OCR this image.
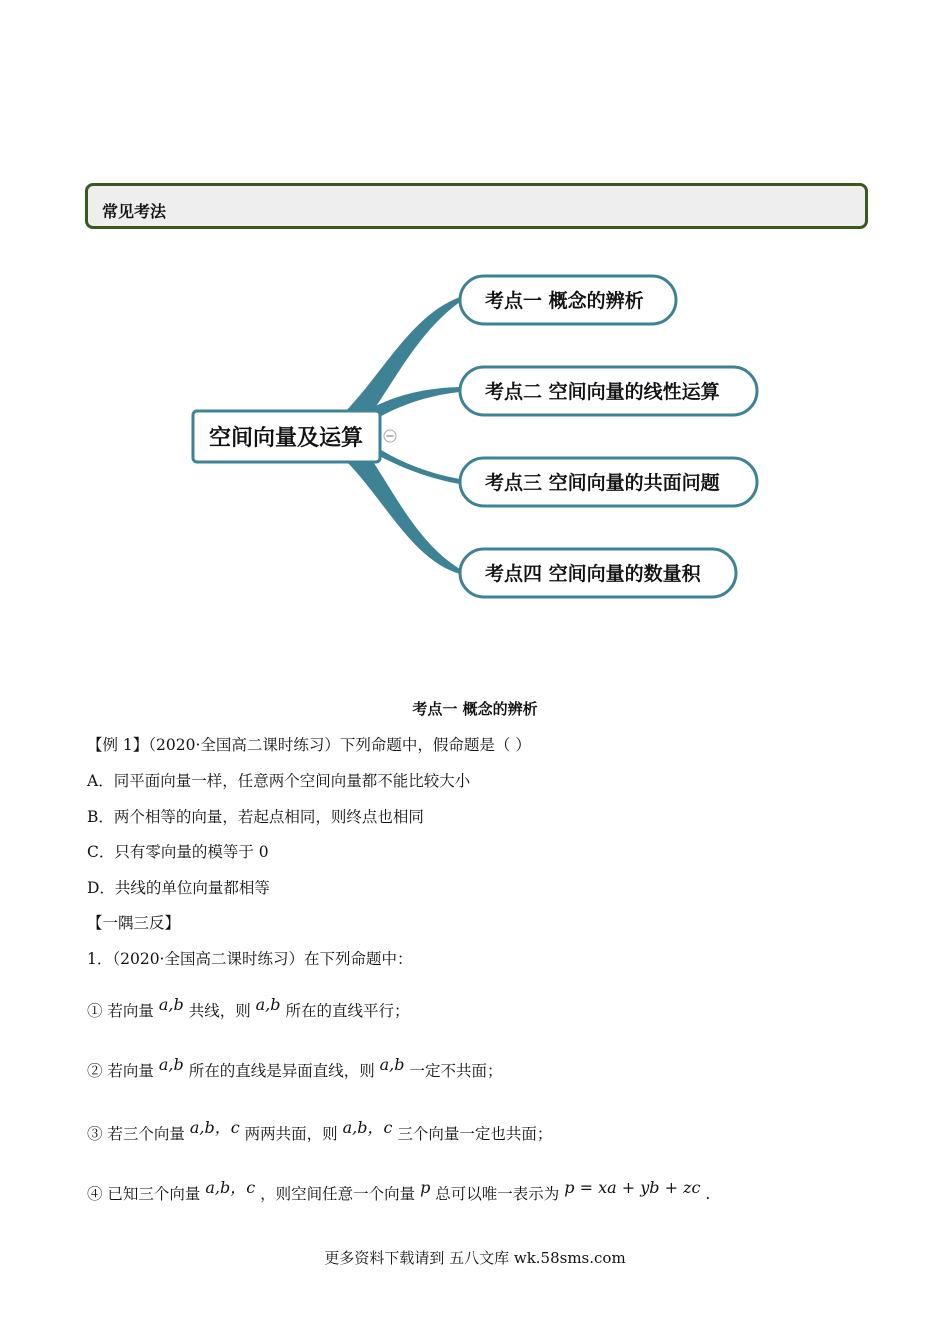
常见考法
空间向量及运算
考点一 概念的辨析
考点二 空间向量的线性运算
考点三 空间向量的共面问题
考点四 空间向量的数量积
考点一 概念的辨析
【例 1】（2020·全国高二课时练习）下列命题中，假命题是（ ）
A．同平面向量一样，任意两个空间向量都不能比较大小
B．两个相等的向量，若起点相同，则终点也相同
C．只有零向量的模等于 0
D．共线的单位向量都相等
【一隅三反】
1．（2020·全国高二课时练习）在下列命题中：
① 若向量 $^{a,b}$ 共线，则 $^{a,b}$ 所在的直线平行；
② 若向量 $^{a,b}$ 所在的直线是异面直线，则 $^{a,b}$ 一定不共面；
③ 若三个向量 $^{a,b,c}$ 两两共面，则 $^{a,b,c}$ 三个向量一定也共面；
④ 已知三个向量 $^{a,b,c}$ ，则空间任意一个向量 $^p$ 总可以唯一表示为 $^{p = xa + yb + zc}$ .
更多资料下载请到 五八文库 wk.58sms.com
